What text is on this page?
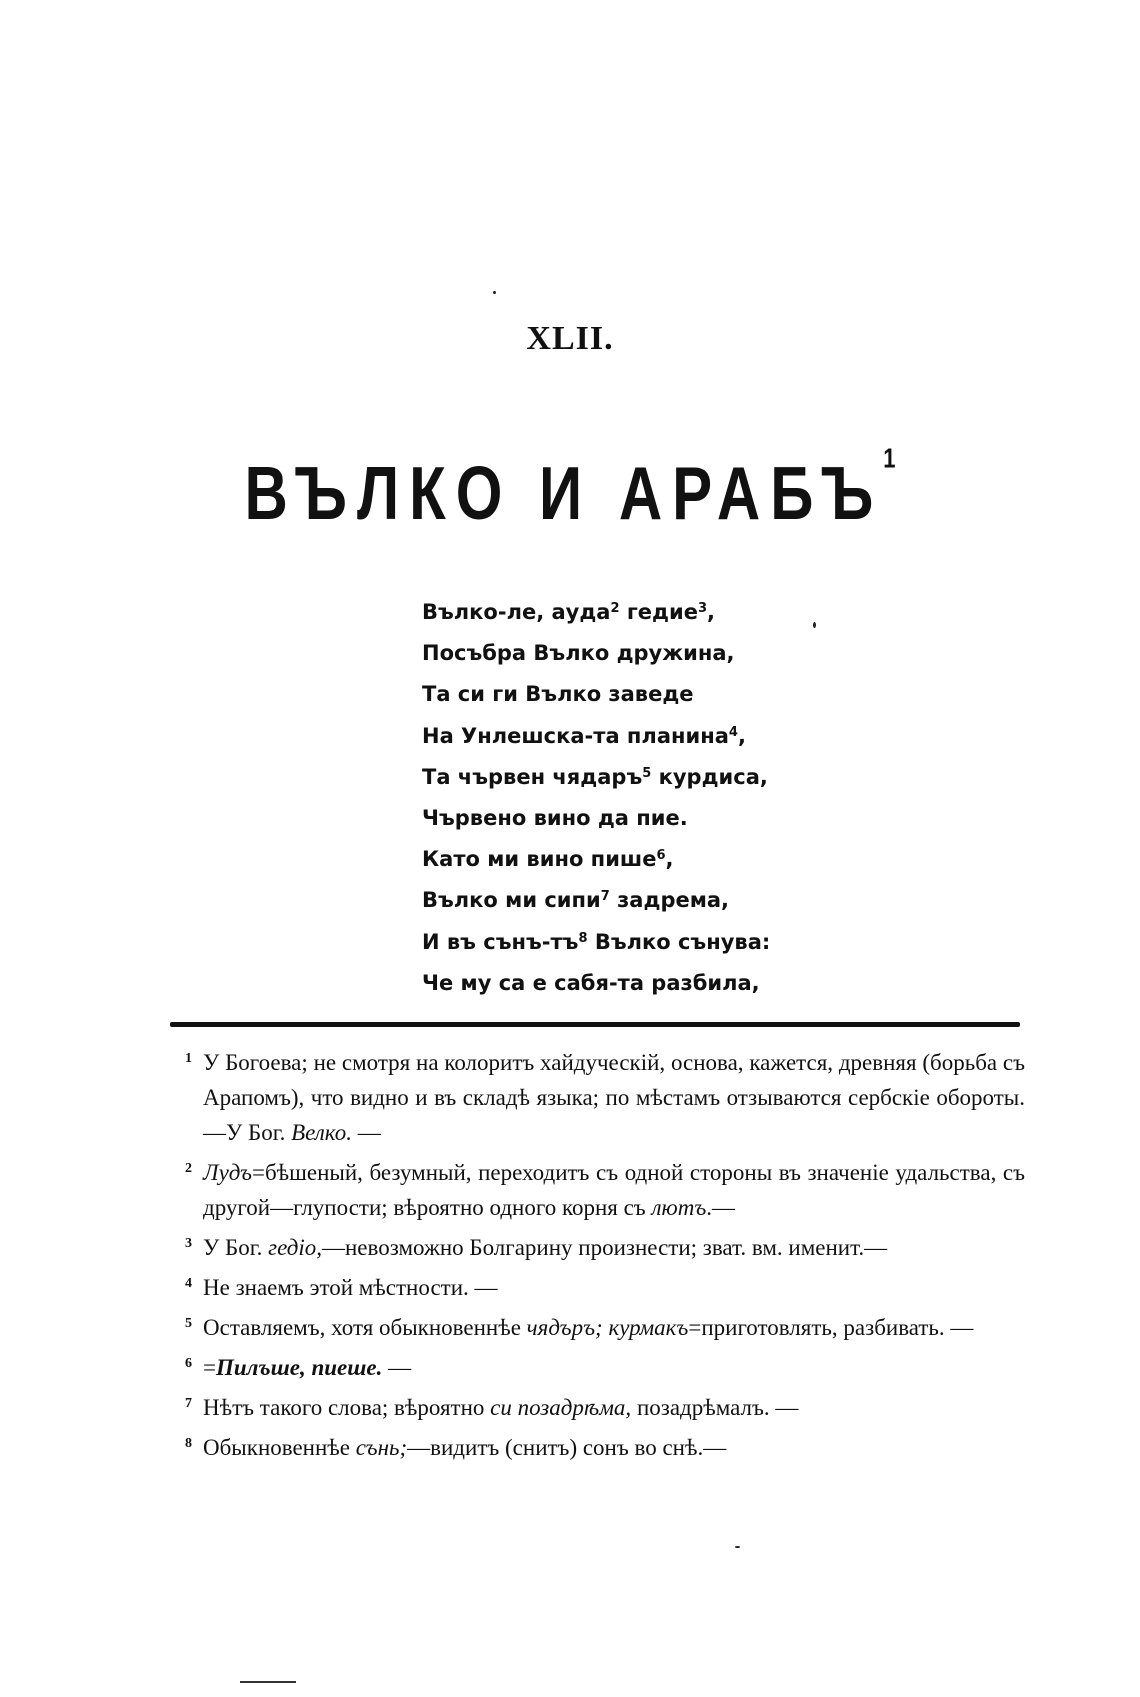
XLII.
ВЪЛКО И АРАБЪ$^1$
Вълко-ле, ауда$^2$ гедие$^3$,
Посъбра Вълко дружина,
Та си ги Вълко заведе
На Унлешска-та планина$^4$,
Та чървен чядаръ$^5$ курдиса,
Чървено вино да пие.
Като ми вино пише$^6$,
Вълко ми сипи$^7$ задрема,
И въ сънъ-$тъ^8$ Вълко сънува:
Че му са е сабя-та разбила,
1 У Богоева; не смотря на колоритъ хайдуческій, основа, кажется, древняя (борьба съ Арапомъ), что видно и въ складѣ языка; по мѣстамъ отзываются сербскіе обороты.—У Бог. Велко. —
2 Лудъ=бѣшеный, безумный, переходитъ съ одной стороны въ значеніе удальства, съ другой—глупости; вѣроятно одного корня съ лютъ.—
3 У Бог. гедіо,—невозможно Болгарину произнести; зват. вм. именит.—
4 Не знаемъ этой мѣстности. —
5 Оставляемъ, хотя обыкновеннѣе чядъръ; курмакъ=приготовлять, разбивать. —
6 =Пилъше, пиеше. —
7 Нѣтъ такого слова; вѣроятно си позадрѣма, позадрѣмалъ. —
8 Обыкновеннѣе сънь;—видитъ (снитъ) сонъ во снѣ.—
